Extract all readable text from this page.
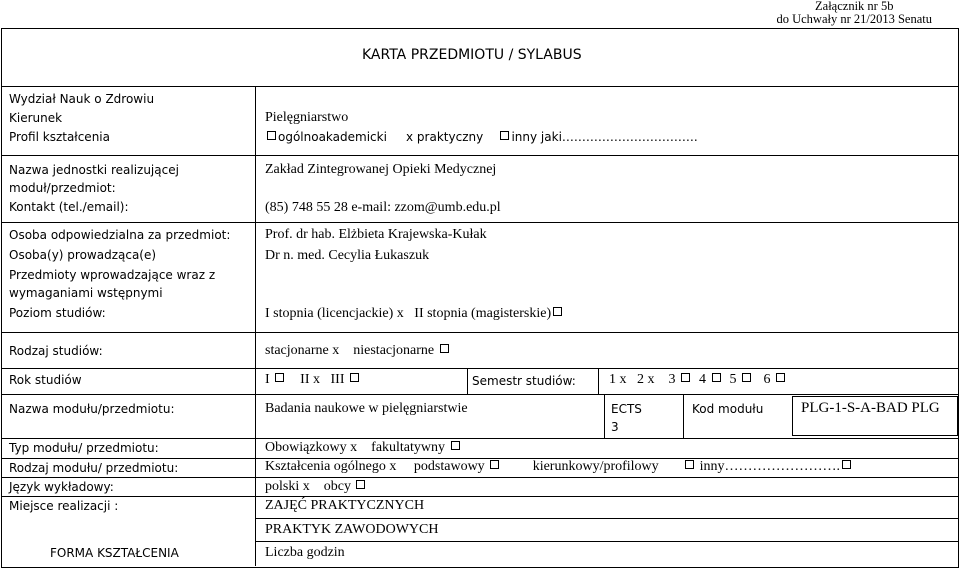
Załącznik nr 5b
do Uchwały nr 21/2013 Senatu
KARTA PRZEDMIOTU / SYLABUS
Wydział Nauk o Zdrowiu
Kierunek	Pielęgniarstwo
Profil kształcenia	ogólnoakademicki x praktyczny inny jaki…………………………….
Nazwa jednostki realizującej
moduł/przedmiot:
Zakład Zintegrowanej Opieki Medycznej
Kontakt (tel./email):	(85) 748 55 28 e-mail: zzom@umb.edu.pl
Osoba odpowiedzialna za przedmiot: Prof. dr hab. Elżbieta Krajewska-Kułak
Osoba(y) prowadząca(e)	Dr n. med. Cecylia Łukaszuk
Przedmioty wprowadzające wraz z
wymaganiami wstępnymi
Poziom studiów:	I stopnia (licencjackie) x II stopnia (magisterskie)
Rodzaj studiów:	stacjonarne x niestacjonarne
Rok studiów	I II x III	Semestr studiów: 1 x 2 x 3 4 5 6
Nazwa modułu/przedmiotu:	Badania naukowe w pielęgniarstwie	ECTS
3
Kod modułu	PLG-1-S-A-BAD PLG
Typ modułu/ przedmiotu:	Obowiązkowy x fakultatywny
Rodzaj modułu/ przedmiotu:	Kształcenia ogólnego x podstawowy	kierunkowy/profilowy	inny…………………….
Język wykładowy:	polski x obcy
Miejsce realizacji :	ZAJĘĆ PRAKTYCZNYCH
PRAKTYK ZAWODOWYCH
FORMA KSZTAŁCENIA	Liczba godzin
